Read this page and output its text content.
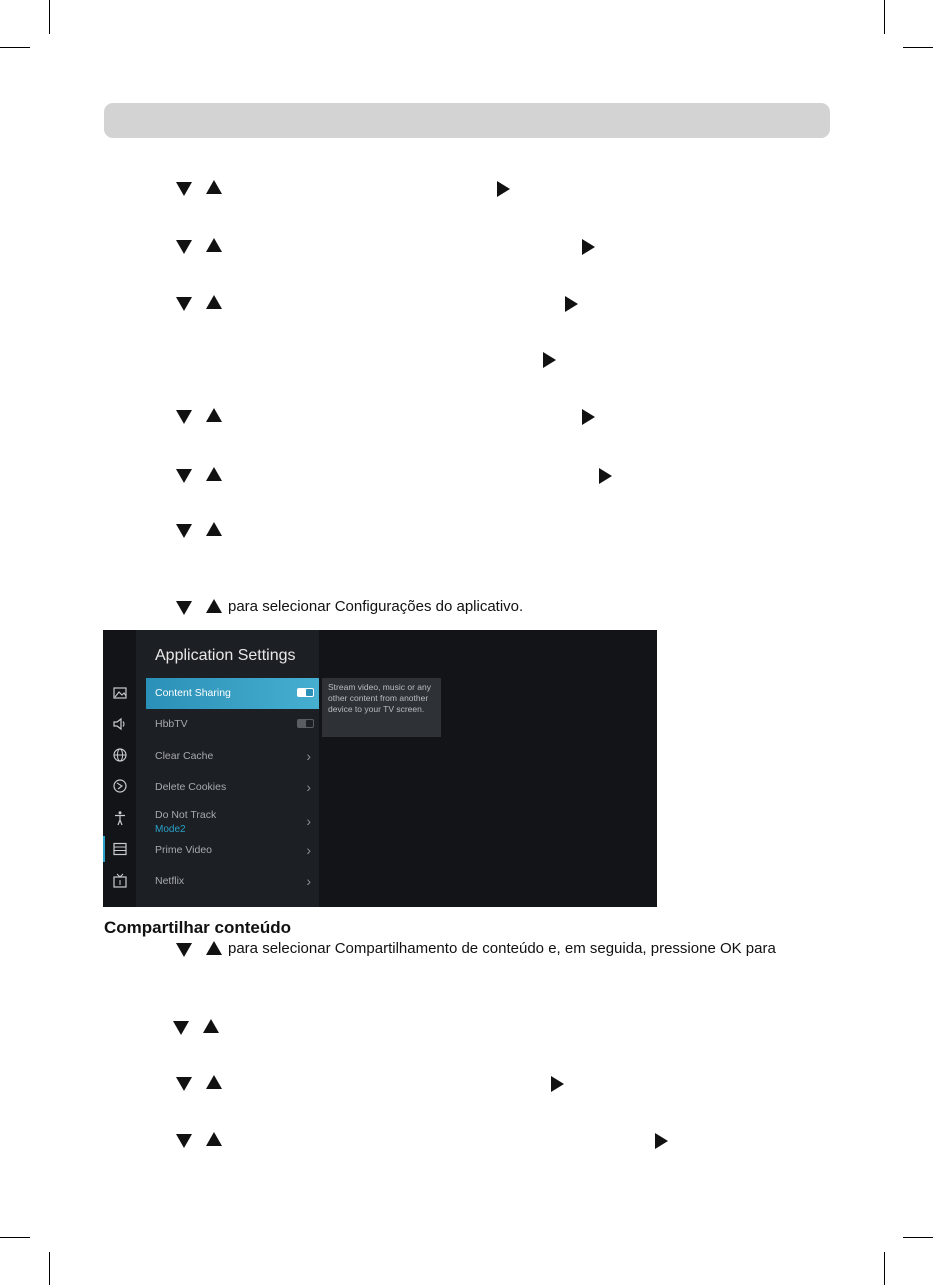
para selecionar Configurações do aplicativo.
Application Settings
Content Sharing
HbbTV
Clear Cache	›
Delete Cookies	›
Do Not Track
Mode2
›
Prime Video	›
Netflix	›
Stream video, music or any other content from another device to your TV screen.
Compartilhar conteúdo
para selecionar Compartilhamento de conteúdo e, em seguida, pressione OK para
